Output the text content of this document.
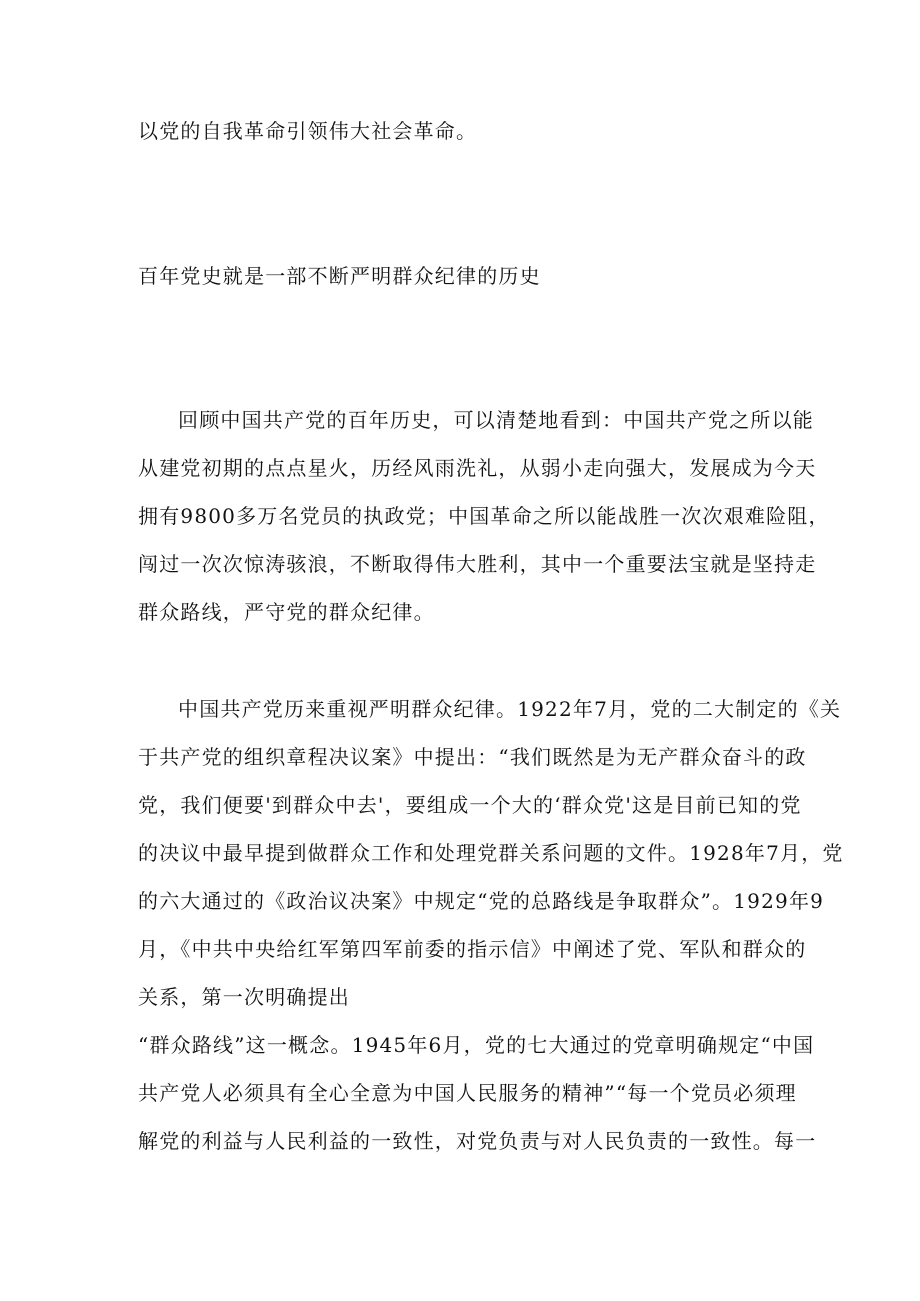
以党的自我革命引领伟大社会革命。
百年党史就是一部不断严明群众纪律的历史
回顾中国共产党的百年历史，可以清楚地看到：中国共产党之所以能
从建党初期的点点星火，历经风雨洗礼，从弱小走向强大，发展成为今天
拥有9800多万名党员的执政党；中国革命之所以能战胜一次次艰难险阻，
闯过一次次惊涛骇浪，不断取得伟大胜利，其中一个重要法宝就是坚持走
群众路线，严守党的群众纪律。
中国共产党历来重视严明群众纪律。1922年7月，党的二大制定的《关
于共产党的组织章程决议案》中提出：“我们既然是为无产群众奋斗的政
党，我们便要'到群众中去'，要组成一个大的‘群众党'这是目前已知的党
的决议中最早提到做群众工作和处理党群关系问题的文件。1928年7月，党
的六大通过的《政治议决案》中规定“党的总路线是争取群众”。1929年9
月，《中共中央给红军第四军前委的指示信》中阐述了党、军队和群众的
关系，第一次明确提出
“群众路线”这一概念。1945年6月，党的七大通过的党章明确规定“中国
共产党人必须具有全心全意为中国人民服务的精神”“每一个党员必须理
解党的利益与人民利益的一致性，对党负责与对人民负责的一致性。每一
